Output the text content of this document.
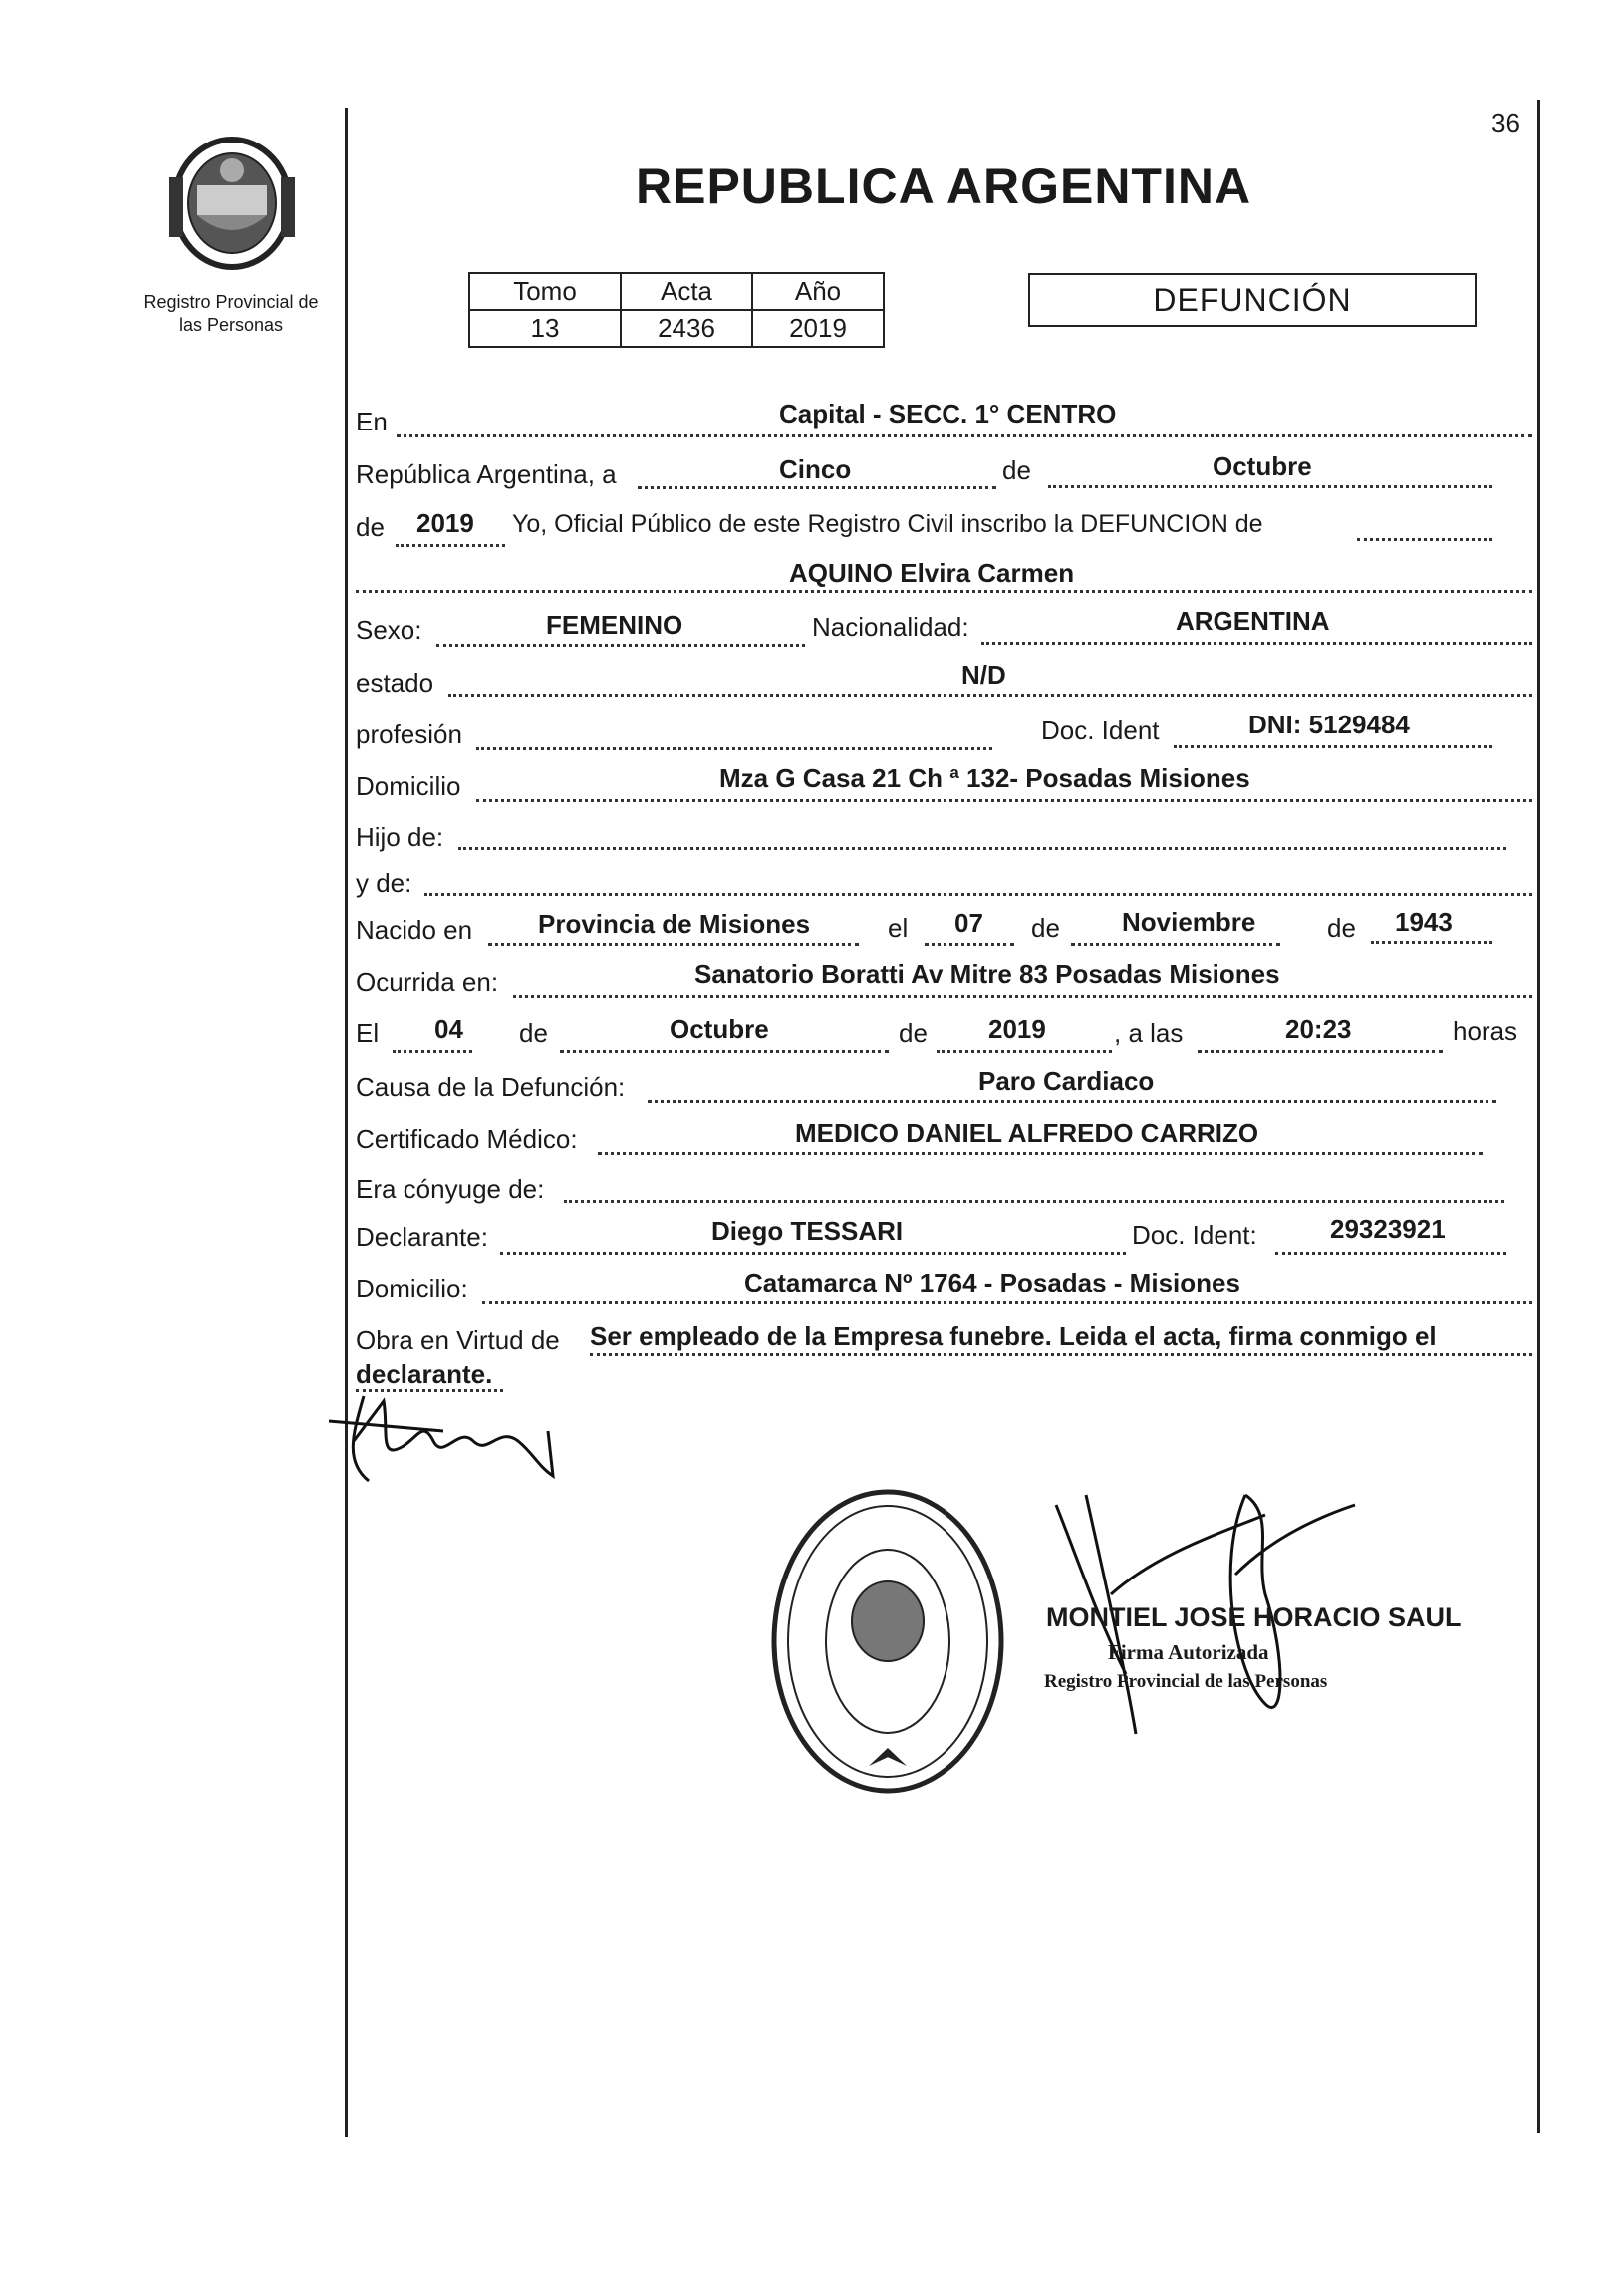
36
Registro Provincial de
las Personas
REPUBLICA ARGENTINA
Tomo	Acta	Año
13	2436	2019
DEFUNCIÓN
En	Capital - SECC. 1° CENTRO
República Argentina, a	Cinco	de	Octubre
de 2019 Yo, Oficial Público de este Registro Civil inscribo la DEFUNCION de
AQUINO Elvira Carmen
Sexo:	FEMENINO	Nacionalidad:	ARGENTINA
estado	N/D
profesión	Doc. Ident	DNI: 5129484
Domicilio	Mza G Casa 21 Ch ª 132- Posadas Misiones
Hijo de:
y de:
Nacido en	Provincia de Misiones	el 07 de Noviembre	de 1943
Ocurrida en:	Sanatorio Boratti Av Mitre 83 Posadas Misiones
El 04 de	Octubre	de 2019	, a las	20:23	horas
Causa de la Defunción:	Paro Cardiaco
Certificado Médico:	MEDICO DANIEL ALFREDO CARRIZO
Era cónyuge de:
Declarante:	Diego TESSARI	Doc. Ident:	29323921
Domicilio:	Catamarca Nº 1764 - Posadas - Misiones
Obra en Virtud de Ser empleado de la Empresa funebre. Leida el acta, firma conmigo el
declarante.
MONTIEL JOSE HORACIO SAUL
Firma Autorizada
Registro Provincial de las Personas
